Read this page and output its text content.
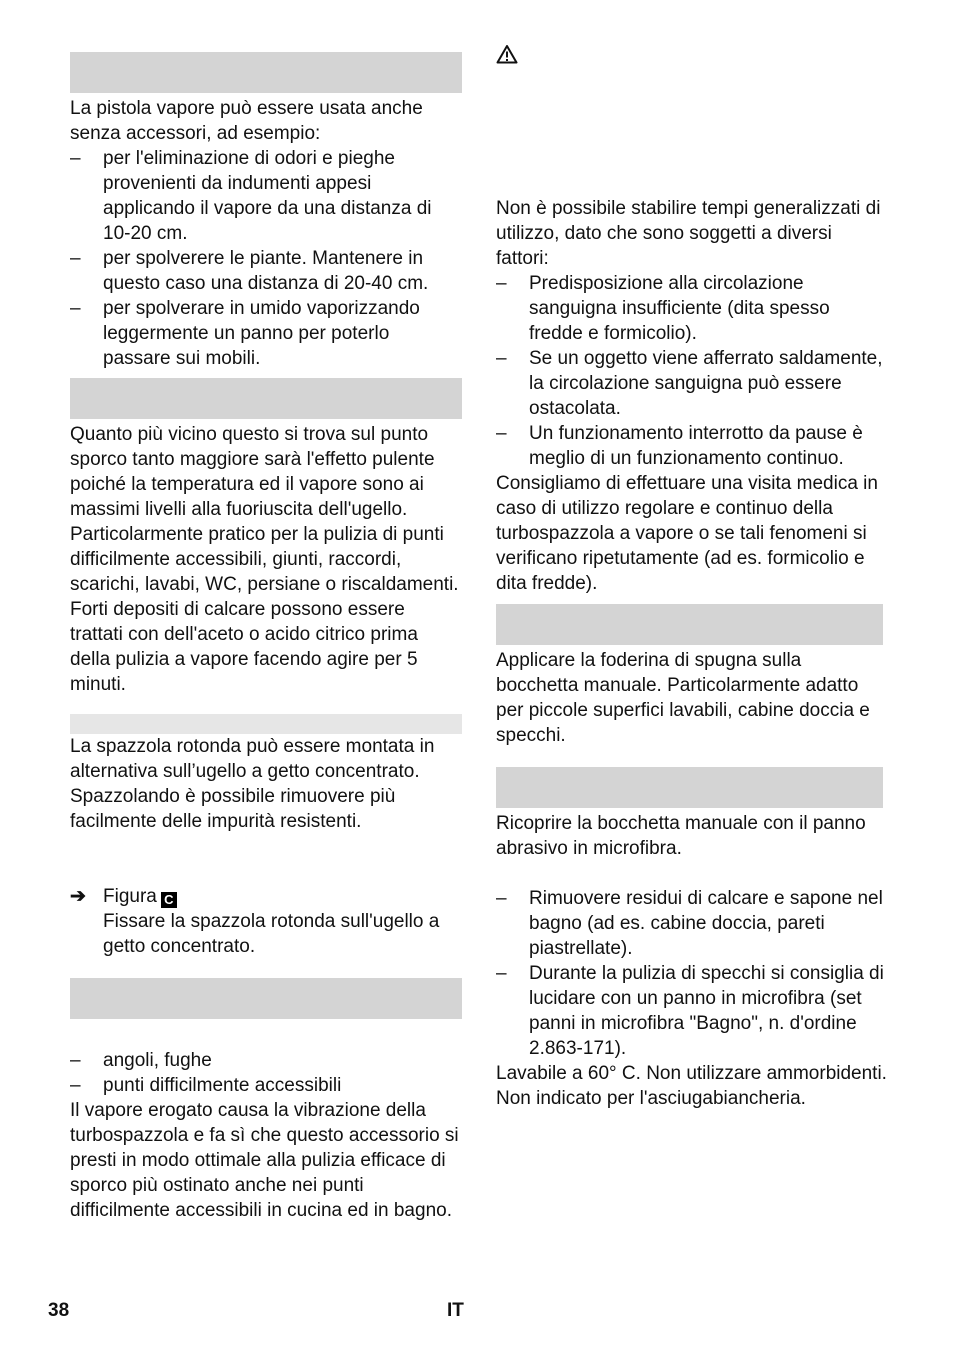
La pistola vapore può essere usata anche senza accessori, ad esempio:

– per l'eliminazione di odori e pieghe provenienti da indumenti appesi applicando il vapore da una distanza di 10-20 cm.
– per spolverere le piante. Mantenere in questo caso una distanza di 20-40 cm.
– per spolverare in umido vaporizzando leggermente un panno per poterlo passare sui mobili.

Quanto più vicino questo si trova sul punto sporco tanto maggiore sarà l'effetto pulente poiché la temperatura ed il vapore sono ai massimi livelli alla fuoriuscita dell'ugello. Particolarmente pratico per la pulizia di punti difficilmente accessibili, giunti, raccordi, scarichi, lavabi, WC, persiane o riscaldamenti. Forti depositi di calcare possono essere trattati con dell'aceto o acido citrico prima della pulizia a vapore facendo agire per 5 minuti.

La spazzola rotonda può essere montata in alternativa sull’ugello a getto concentrato. Spazzolando è possibile rimuovere più facilmente delle impurità resistenti.

➔ Figura C
Fissare la spazzola rotonda sull'ugello a getto concentrato.
– angoli, fughe
– punti difficilmente accessibili

Il vapore erogato causa la vibrazione della turbospazzola e fa sì che questo accessorio si presti in modo ottimale alla pulizia efficace di sporco più ostinato anche nei punti difficilmente accessibili in cucina ed in bagno.

Non è possibile stabilire tempi generalizzati di utilizzo, dato che sono soggetti a diversi fattori:

– Predisposizione alla circolazione sanguigna insufficiente (dita spesso fredde e formicolio).
– Se un oggetto viene afferrato saldamente, la circolazione sanguigna può essere ostacolata.
– Un funzionamento interrotto da pause è meglio di un funzionamento continuo.

Consigliamo di effettuare una visita medica in caso di utilizzo regolare e continuo della turbospazzola a vapore o se tali fenomeni si verificano ripetutamente (ad es. formicolio e dita fredde).

Applicare la foderina di spugna sulla bocchetta manuale. Particolarmente adatto per piccole superfici lavabili, cabine doccia e specchi.

Ricoprire la bocchetta manuale con il panno abrasivo in microfibra.

– Rimuovere residui di calcare e sapone nel bagno (ad es. cabine doccia, pareti piastrellate).
– Durante la pulizia di specchi si consiglia di lucidare con un panno in microfibra (set panni in microfibra "Bagno", n. d'ordine 2.863-171).

Lavabile a 60° C. Non utilizzare ammorbidenti. Non indicato per l'asciugabiancheria.

38	IT
